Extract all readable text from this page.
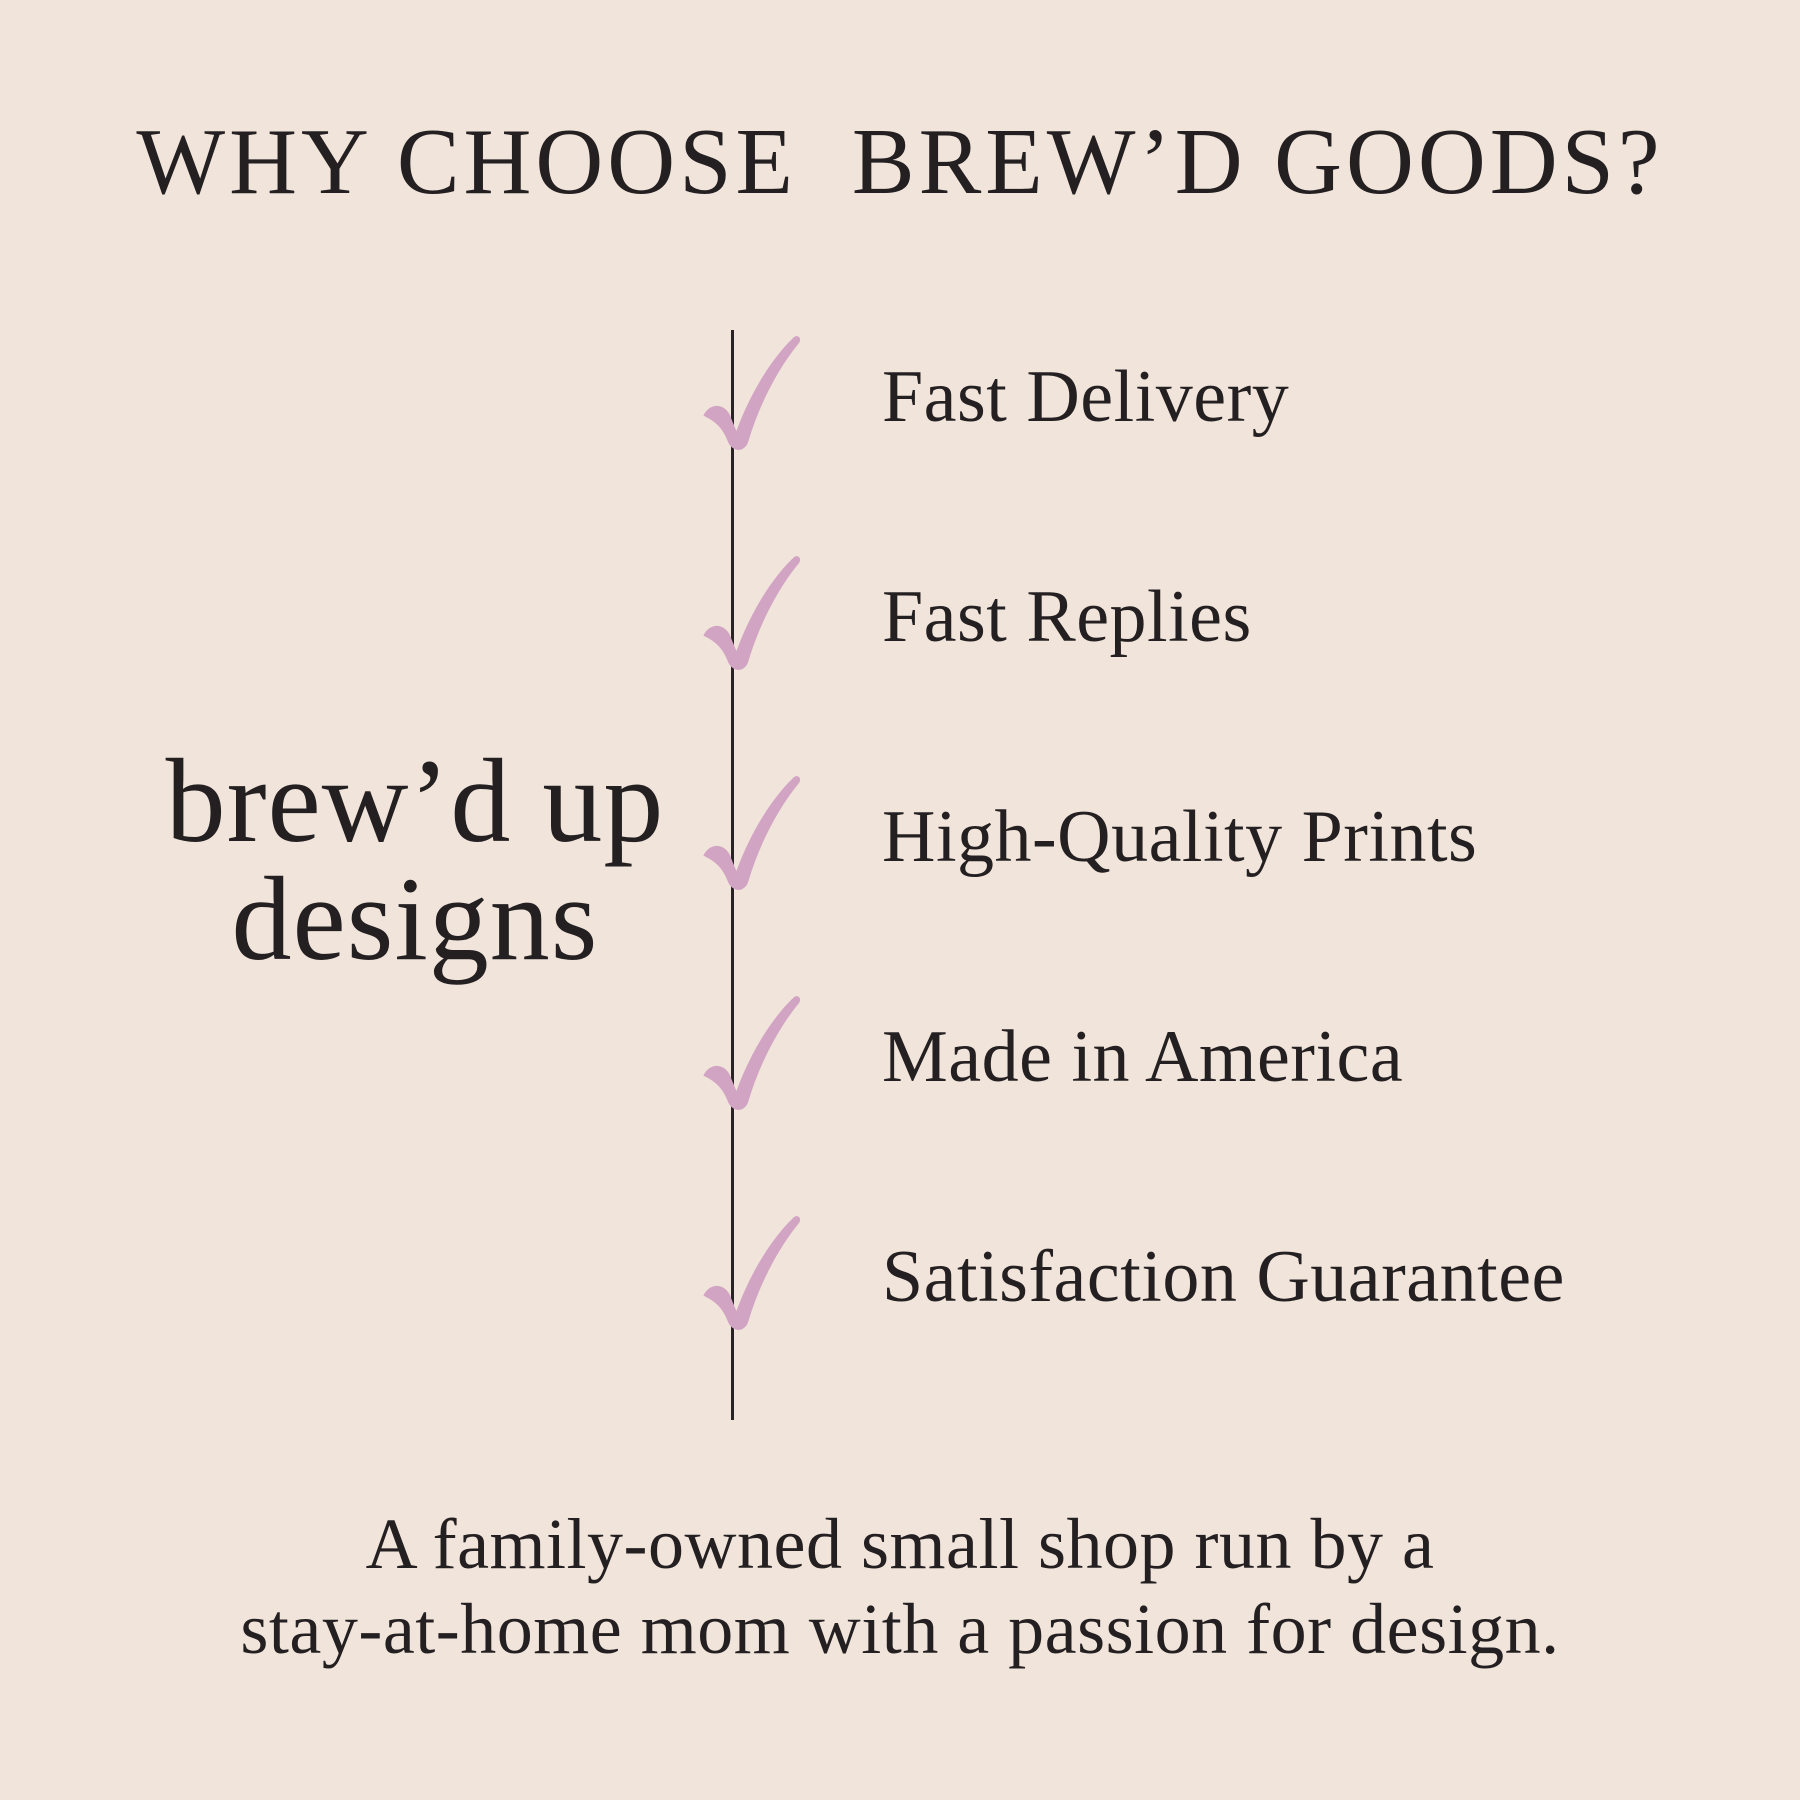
WHY CHOOSE  BREW’D GOODS?
brew’d up
designs
Fast Delivery
Fast Replies
High-Quality Prints
Made in America
Satisfaction Guarantee

A family-owned small shop run by a
stay-at-home mom with a passion for design.
